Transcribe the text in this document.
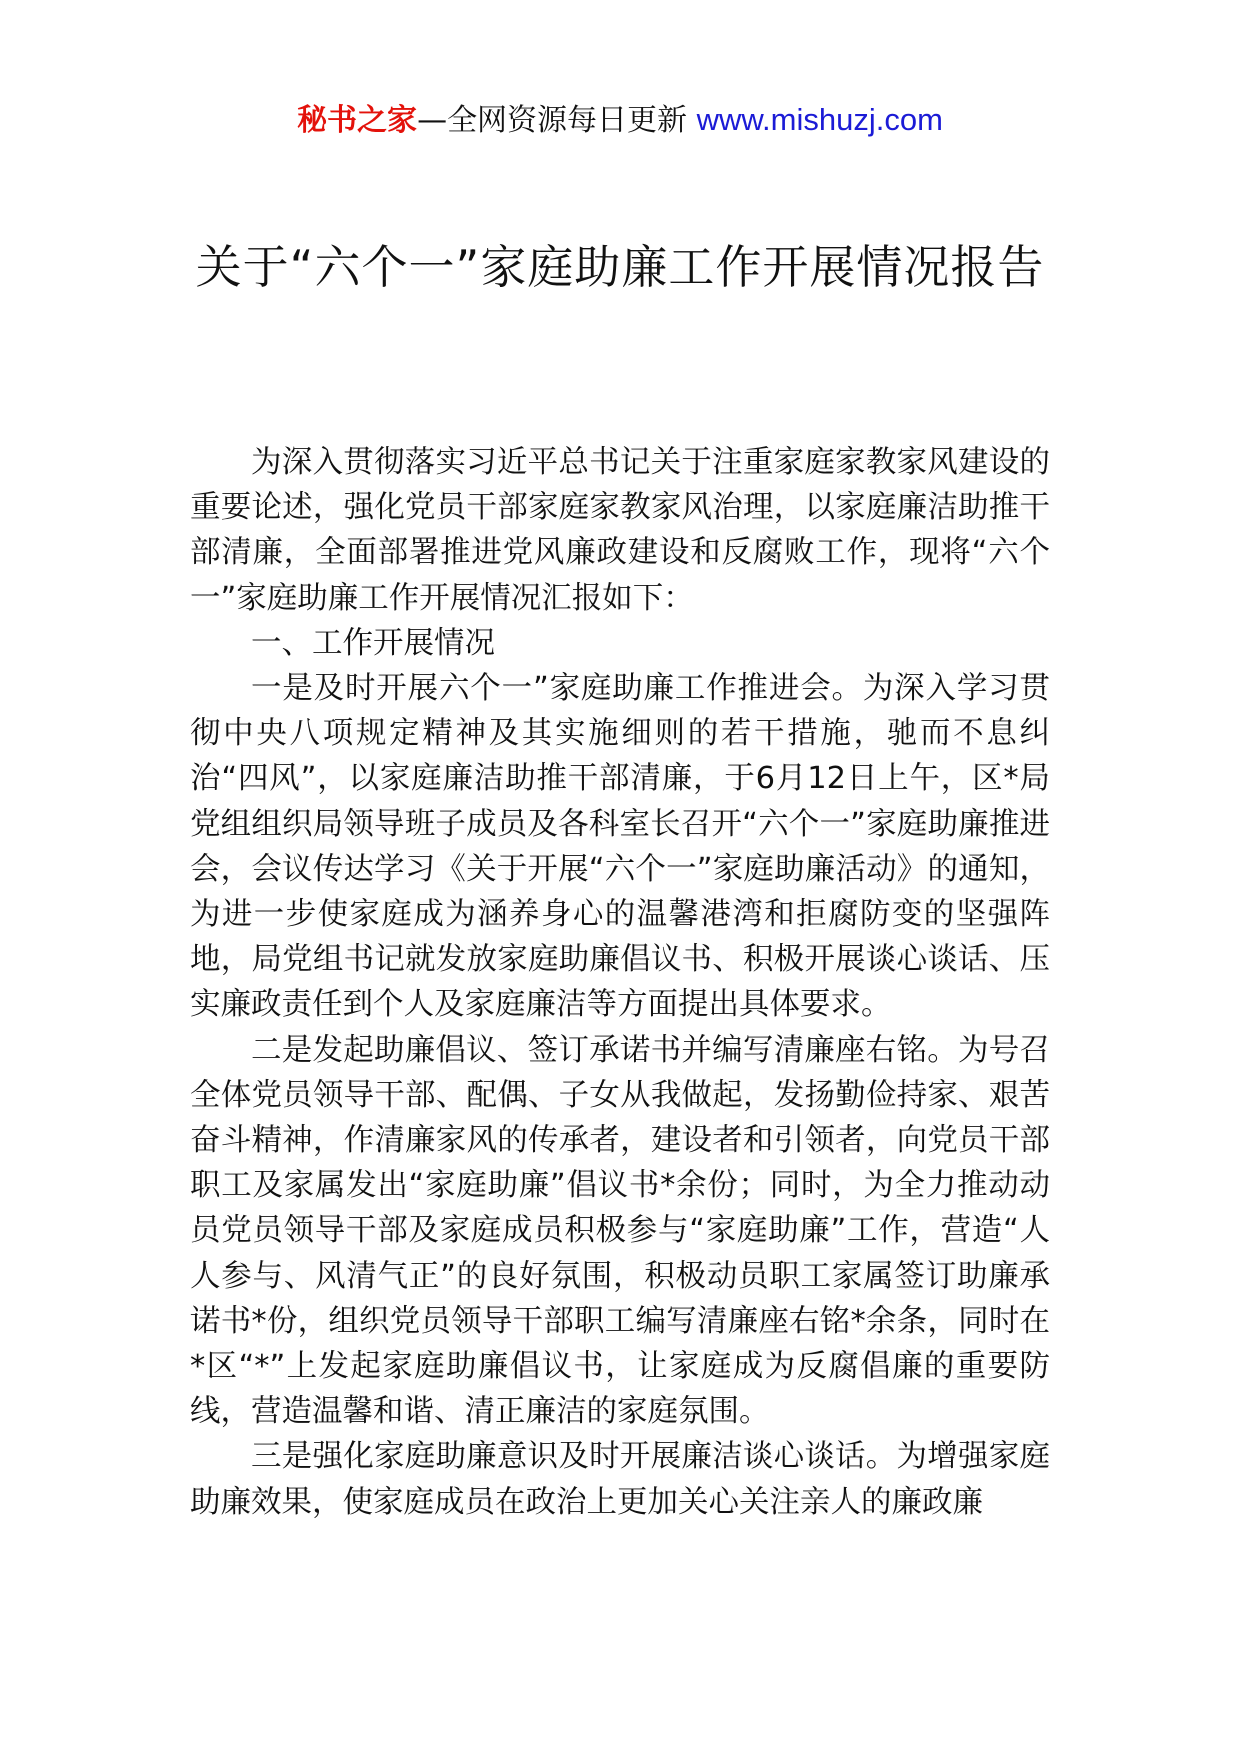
秘书之家—全网资源每日更新 www.mishuzj.com
关于“六个一”家庭助廉工作开展情况报告

为深入贯彻落实习近平总书记关于注重家庭家教家风建设的重要论述，强化党员干部家庭家教家风治理，以家庭廉洁助推干部清廉，全面部署推进党风廉政建设和反腐败工作，现将“六个一”家庭助廉工作开展情况汇报如下：

一、工作开展情况

一是及时开展六个一”家庭助廉工作推进会。为深入学习贯彻中央八项规定精神及其实施细则的若干措施，驰而不息纠治“四风”，以家庭廉洁助推干部清廉，于6月12日上午，区*局党组组织局领导班子成员及各科室长召开“六个一”家庭助廉推进会，会议传达学习《关于开展“六个一”家庭助廉活动》的通知，为进一步使家庭成为涵养身心的温馨港湾和拒腐防变的坚强阵地，局党组书记就发放家庭助廉倡议书、积极开展谈心谈话、压实廉政责任到个人及家庭廉洁等方面提出具体要求。

二是发起助廉倡议、签订承诺书并编写清廉座右铭。为号召全体党员领导干部、配偶、子女从我做起，发扬勤俭持家、艰苦奋斗精神，作清廉家风的传承者，建设者和引领者，向党员干部职工及家属发出“家庭助廉”倡议书*余份；同时，为全力推动动员党员领导干部及家庭成员积极参与“家庭助廉”工作，营造“人人参与、风清气正”的良好氛围，积极动员职工家属签订助廉承诺书*份，组织党员领导干部职工编写清廉座右铭*余条，同时在*区“*”上发起家庭助廉倡议书，让家庭成为反腐倡廉的重要防线，营造温馨和谐、清正廉洁的家庭氛围。

三是强化家庭助廉意识及时开展廉洁谈心谈话。为增强家庭助廉效果，使家庭成员在政治上更加关心关注亲人的廉政廉
